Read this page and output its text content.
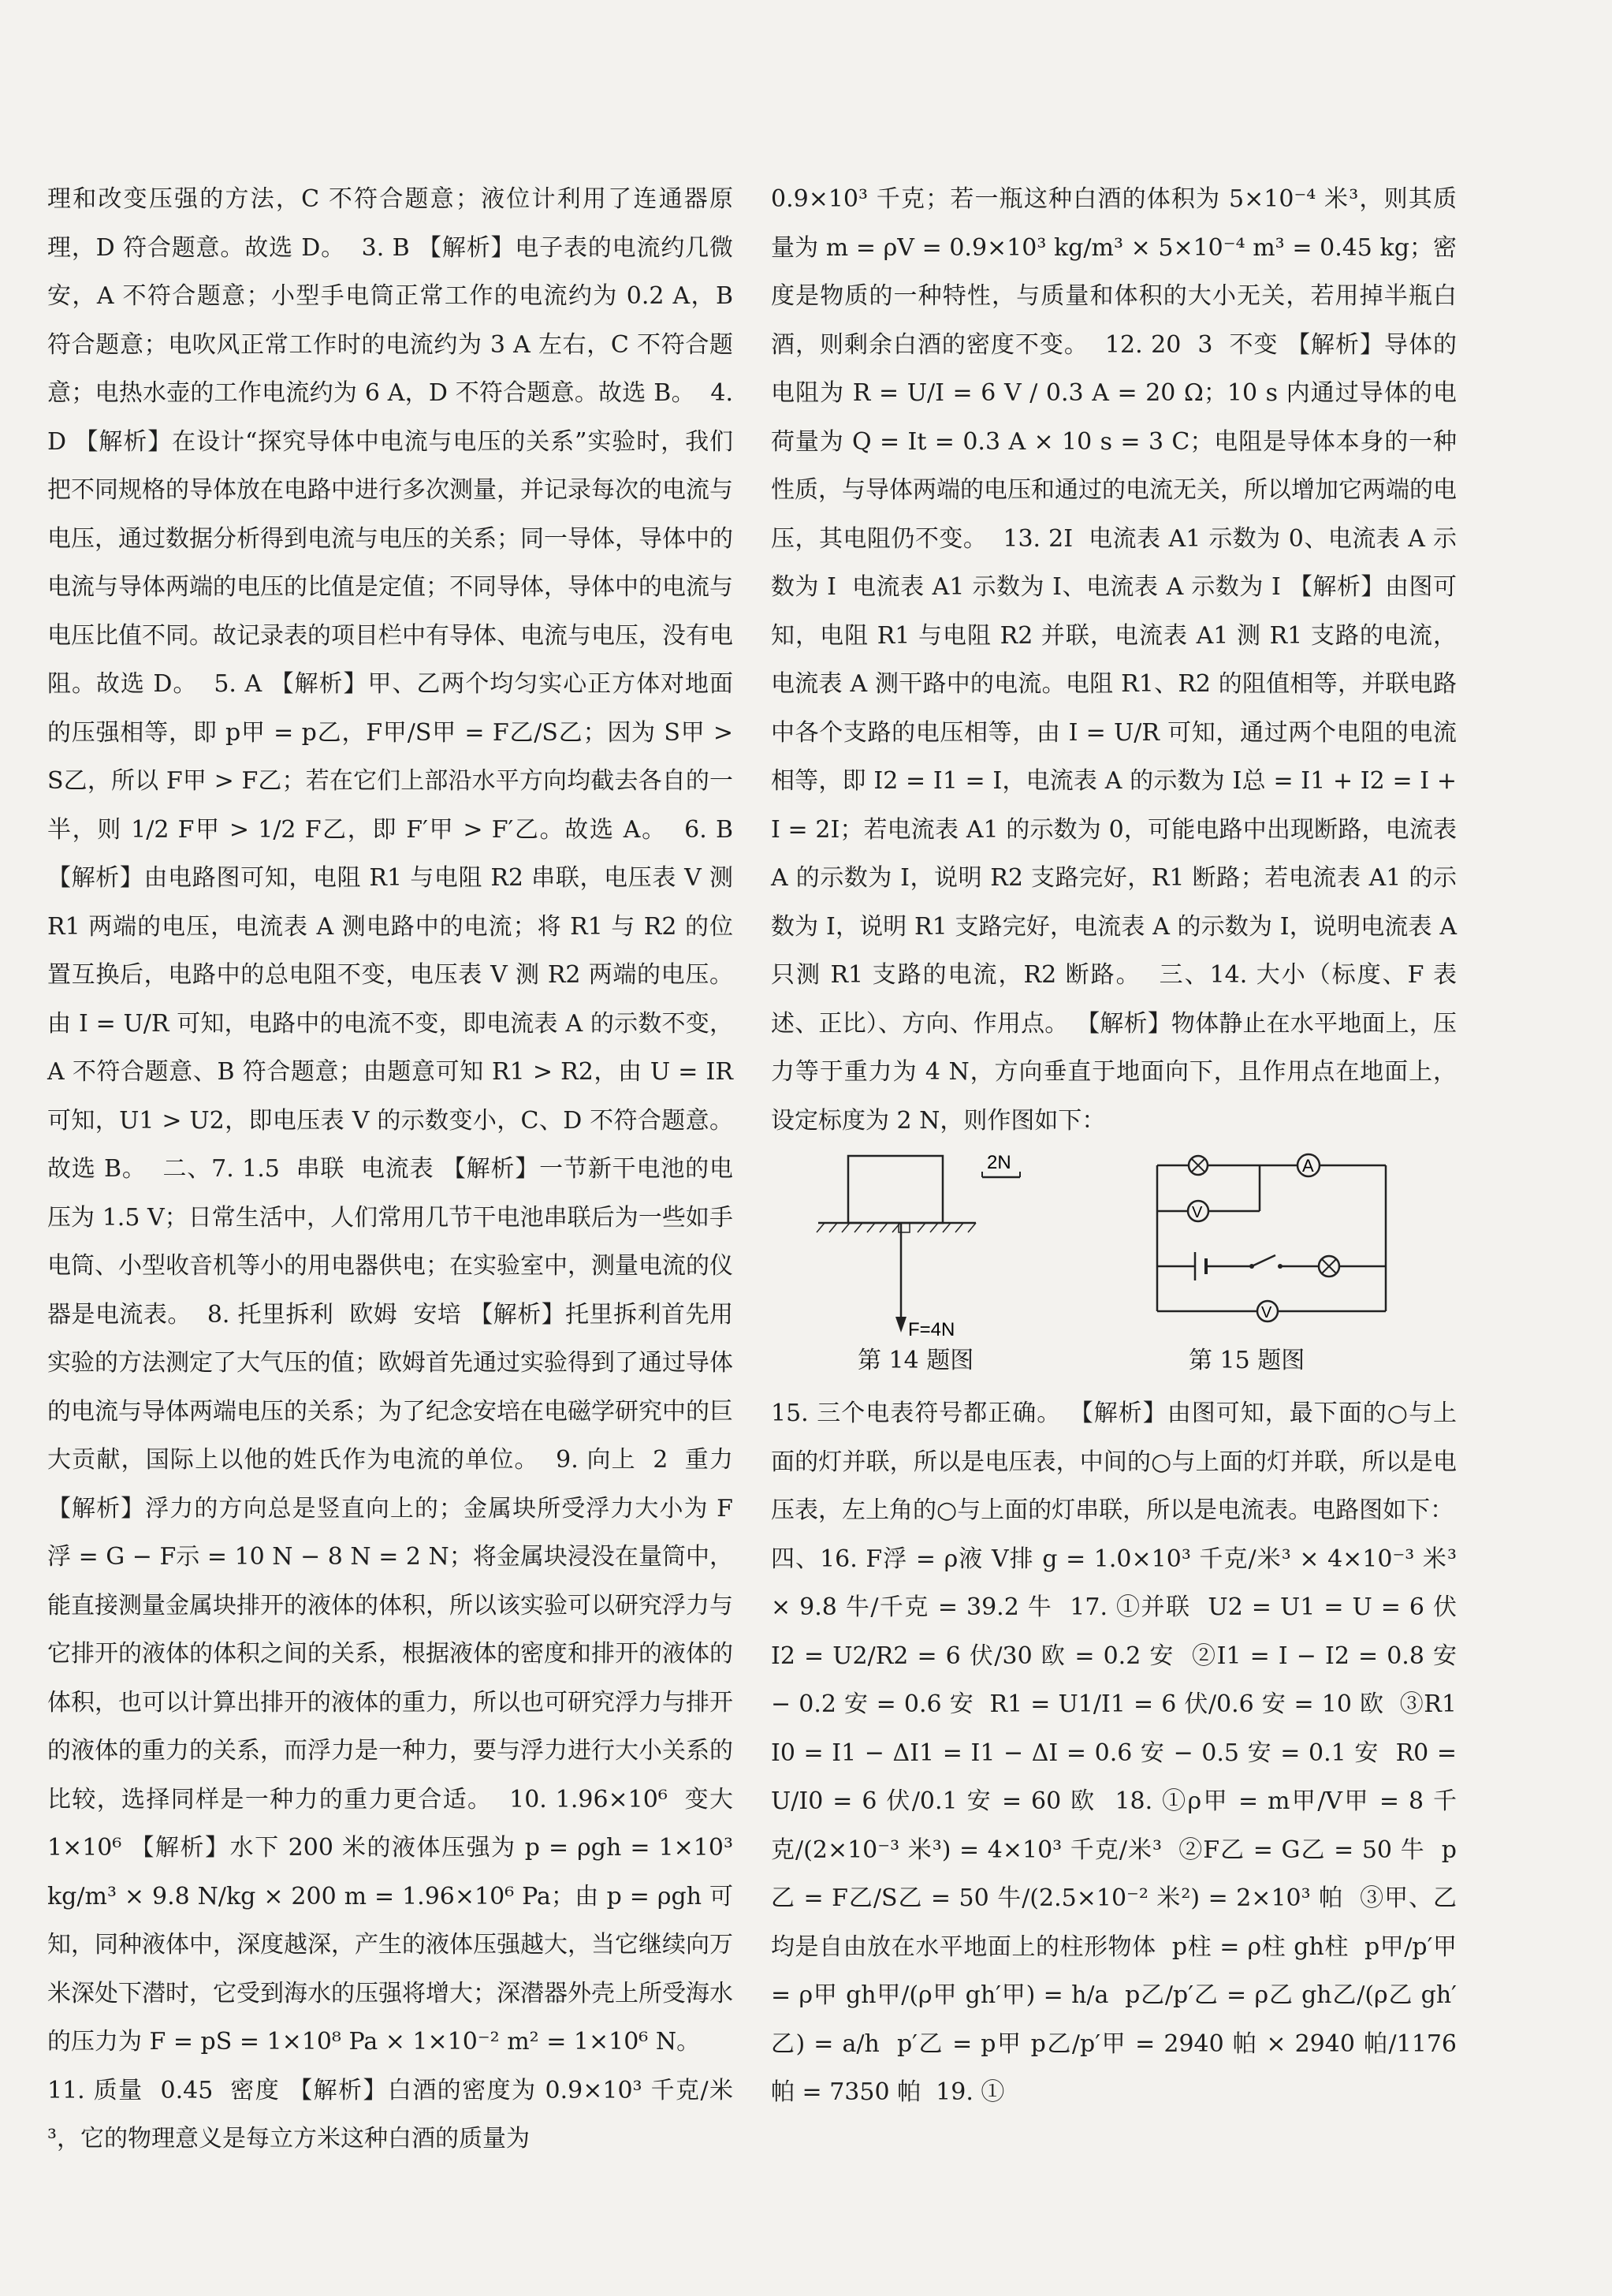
理和改变压强的方法，C 不符合题意；液位计利用了连通器原理，D 符合题意。故选 D。  3. B 【解析】电子表的电流约几微安，A 不符合题意；小型手电筒正常工作的电流约为 0.2 A，B 符合题意；电吹风正常工作时的电流约为 3 A 左右，C 不符合题意；电热水壶的工作电流约为 6 A，D 不符合题意。故选 B。  4. D 【解析】在设计“探究导体中电流与电压的关系”实验时，我们把不同规格的导体放在电路中进行多次测量，并记录每次的电流与电压，通过数据分析得到电流与电压的关系；同一导体，导体中的电流与导体两端的电压的比值是定值；不同导体，导体中的电流与电压比值不同。故记录表的项目栏中有导体、电流与电压，没有电阻。故选 D。  5. A 【解析】甲、乙两个均匀实心正方体对地面的压强相等，即 p甲 = p乙，F甲/S甲 = F乙/S乙；因为 S甲 > S乙，所以 F甲 > F乙；若在它们上部沿水平方向均截去各自的一半，则 1/2 F甲 > 1/2 F乙，即 F′甲 > F′乙。故选 A。  6. B 【解析】由电路图可知，电阻 R1 与电阻 R2 串联，电压表 V 测 R1 两端的电压，电流表 A 测电路中的电流；将 R1 与 R2 的位置互换后，电路中的总电阻不变，电压表 V 测 R2 两端的电压。由 I = U/R 可知，电路中的电流不变，即电流表 A 的示数不变，A 不符合题意、B 符合题意；由题意可知 R1 > R2，由 U = IR 可知，U1 > U2，即电压表 V 的示数变小，C、D 不符合题意。故选 B。  二、7. 1.5  串联  电流表 【解析】一节新干电池的电压为 1.5 V；日常生活中，人们常用几节干电池串联后为一些如手电筒、小型收音机等小的用电器供电；在实验室中，测量电流的仪器是电流表。  8. 托里拆利  欧姆  安培 【解析】托里拆利首先用实验的方法测定了大气压的值；欧姆首先通过实验得到了通过导体的电流与导体两端电压的关系；为了纪念安培在电磁学研究中的巨大贡献，国际上以他的姓氏作为电流的单位。  9. 向上  2  重力 【解析】浮力的方向总是竖直向上的；金属块所受浮力大小为 F浮 = G − F示 = 10 N − 8 N = 2 N；将金属块浸没在量筒中，能直接测量金属块排开的液体的体积，所以该实验可以研究浮力与它排开的液体的体积之间的关系，根据液体的密度和排开的液体的体积，也可以计算出排开的液体的重力，所以也可研究浮力与排开的液体的重力的关系，而浮力是一种力，要与浮力进行大小关系的比较，选择同样是一种力的重力更合适。  10. 1.96×10⁶  变大  1×10⁶ 【解析】水下 200 米的液体压强为 p = ρgh = 1×10³ kg/m³ × 9.8 N/kg × 200 m = 1.96×10⁶ Pa；由 p = ρgh 可知，同种液体中，深度越深，产生的液体压强越大，当它继续向万米深处下潜时，它受到海水的压强将增大；深潜器外壳上所受海水的压力为 F = pS = 1×10⁸ Pa × 1×10⁻² m² = 1×10⁶ N。

11. 质量  0.45  密度 【解析】白酒的密度为 0.9×10³ 千克/米³，它的物理意义是每立方米这种白酒的质量为

0.9×10³ 千克；若一瓶这种白酒的体积为 5×10⁻⁴ 米³，则其质量为 m = ρV = 0.9×10³ kg/m³ × 5×10⁻⁴ m³ = 0.45 kg；密度是物质的一种特性，与质量和体积的大小无关，若用掉半瓶白酒，则剩余白酒的密度不变。  12. 20  3  不变 【解析】导体的电阻为 R = U/I = 6 V / 0.3 A = 20 Ω；10 s 内通过导体的电荷量为 Q = It = 0.3 A × 10 s = 3 C；电阻是导体本身的一种性质，与导体两端的电压和通过的电流无关，所以增加它两端的电压，其电阻仍不变。  13. 2I  电流表 A1 示数为 0、电流表 A 示数为 I  电流表 A1 示数为 I、电流表 A 示数为 I 【解析】由图可知，电阻 R1 与电阻 R2 并联，电流表 A1 测 R1 支路的电流，电流表 A 测干路中的电流。电阻 R1、R2 的阻值相等，并联电路中各个支路的电压相等，由 I = U/R 可知，通过两个电阻的电流相等，即 I2 = I1 = I，电流表 A 的示数为 I总 = I1 + I2 = I + I = 2I；若电流表 A1 的示数为 0，可能电路中出现断路，电流表 A 的示数为 I，说明 R2 支路完好，R1 断路；若电流表 A1 的示数为 I，说明 R1 支路完好，电流表 A 的示数为 I，说明电流表 A 只测 R1 支路的电流，R2 断路。  三、14. 大小（标度、F 表述、正比）、方向、作用点。 【解析】物体静止在水平地面上，压力等于重力为 4 N，方向垂直于地面向下，且作用点在地面上，设定标度为 2 N，则作图如下：

2N
F=4N
第 14 题图
A
V
V
第 15 题图

15. 三个电表符号都正确。 【解析】由图可知，最下面的○与上面的灯并联，所以是电压表，中间的○与上面的灯并联，所以是电压表，左上角的○与上面的灯串联，所以是电流表。电路图如下：

四、16. F浮 = ρ液 V排 g = 1.0×10³ 千克/米³ × 4×10⁻³ 米³ × 9.8 牛/千克 = 39.2 牛  17. ①并联  U2 = U1 = U = 6 伏  I2 = U2/R2 = 6 伏/30 欧 = 0.2 安  ②I1 = I − I2 = 0.8 安 − 0.2 安 = 0.6 安  R1 = U1/I1 = 6 伏/0.6 安 = 10 欧  ③R1  I0 = I1 − ΔI1 = I1 − ΔI = 0.6 安 − 0.5 安 = 0.1 安  R0 = U/I0 = 6 伏/0.1 安 = 60 欧  18. ①ρ甲 = m甲/V甲 = 8 千克/(2×10⁻³ 米³) = 4×10³ 千克/米³  ②F乙 = G乙 = 50 牛  p乙 = F乙/S乙 = 50 牛/(2.5×10⁻² 米²) = 2×10³ 帕  ③甲、乙均是自由放在水平地面上的柱形物体  p柱 = ρ柱 gh柱  p甲/p′甲 = ρ甲 gh甲/(ρ甲 gh′甲) = h/a  p乙/p′乙 = ρ乙 gh乙/(ρ乙 gh′乙) = a/h  p′乙 = p甲 p乙/p′甲 = 2940 帕 × 2940 帕/1176 帕 = 7350 帕  19. ①
